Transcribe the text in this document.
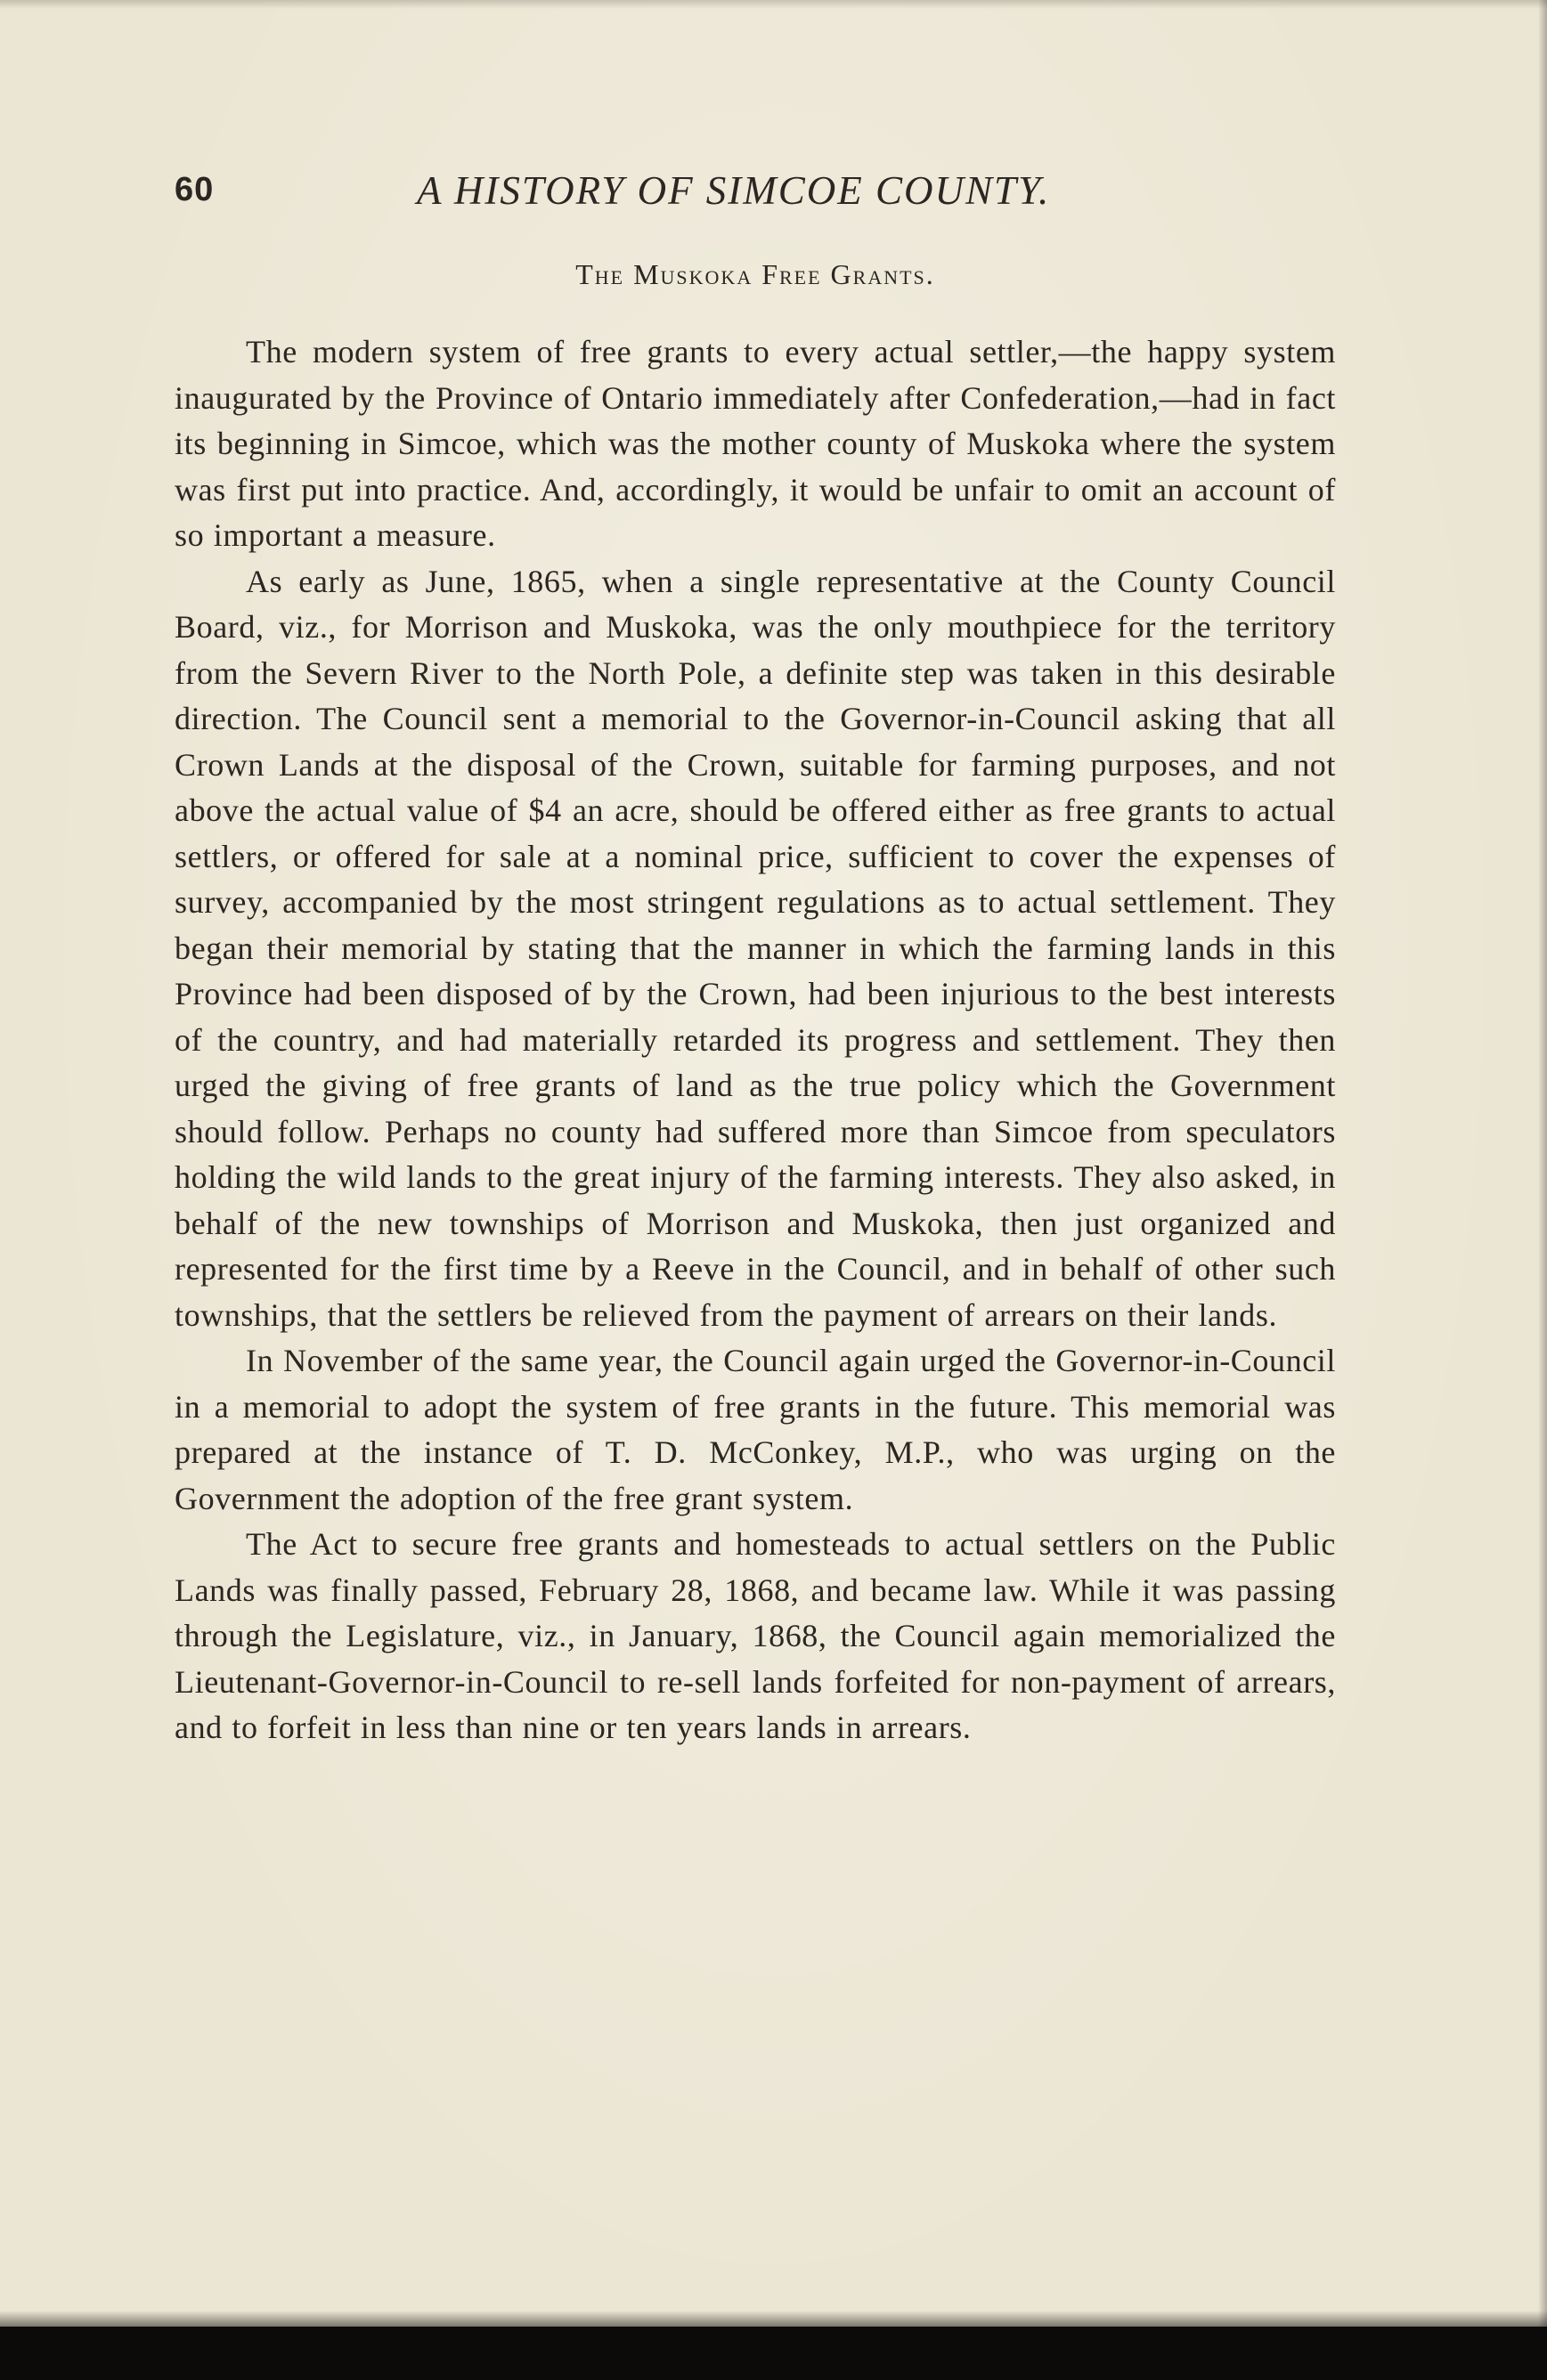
60	A HISTORY OF SIMCOE COUNTY.
The Muskoka Free Grants.

The modern system of free grants to every actual settler,—the happy system inaugurated by the Province of Ontario immediately after Confederation,—had in fact its beginning in Simcoe, which was the mother county of Muskoka where the system was first put into practice. And, accordingly, it would be unfair to omit an account of so important a measure.

As early as June, 1865, when a single representative at the County Council Board, viz., for Morrison and Muskoka, was the only mouthpiece for the territory from the Severn River to the North Pole, a definite step was taken in this desirable direction. The Council sent a memorial to the Governor-in-Council asking that all Crown Lands at the disposal of the Crown, suitable for farming purposes, and not above the actual value of $4 an acre, should be offered either as free grants to actual settlers, or offered for sale at a nominal price, sufficient to cover the expenses of survey, accompanied by the most stringent regulations as to actual settlement. They began their memorial by stating that the manner in which the farming lands in this Province had been disposed of by the Crown, had been injurious to the best interests of the country, and had materially retarded its progress and settlement. They then urged the giving of free grants of land as the true policy which the Government should follow. Perhaps no county had suffered more than Simcoe from speculators holding the wild lands to the great injury of the farming interests. They also asked, in behalf of the new townships of Morrison and Muskoka, then just organized and represented for the first time by a Reeve in the Council, and in behalf of other such townships, that the settlers be relieved from the payment of arrears on their lands.

In November of the same year, the Council again urged the Governor-in-Council in a memorial to adopt the system of free grants in the future. This memorial was prepared at the instance of T. D. McConkey, M.P., who was urging on the Government the adoption of the free grant system.

The Act to secure free grants and homesteads to actual settlers on the Public Lands was finally passed, February 28, 1868, and became law. While it was passing through the Legislature, viz., in January, 1868, the Council again memorialized the Lieutenant-Governor-in-Council to re-sell lands forfeited for non-payment of arrears, and to forfeit in less than nine or ten years lands in arrears.
